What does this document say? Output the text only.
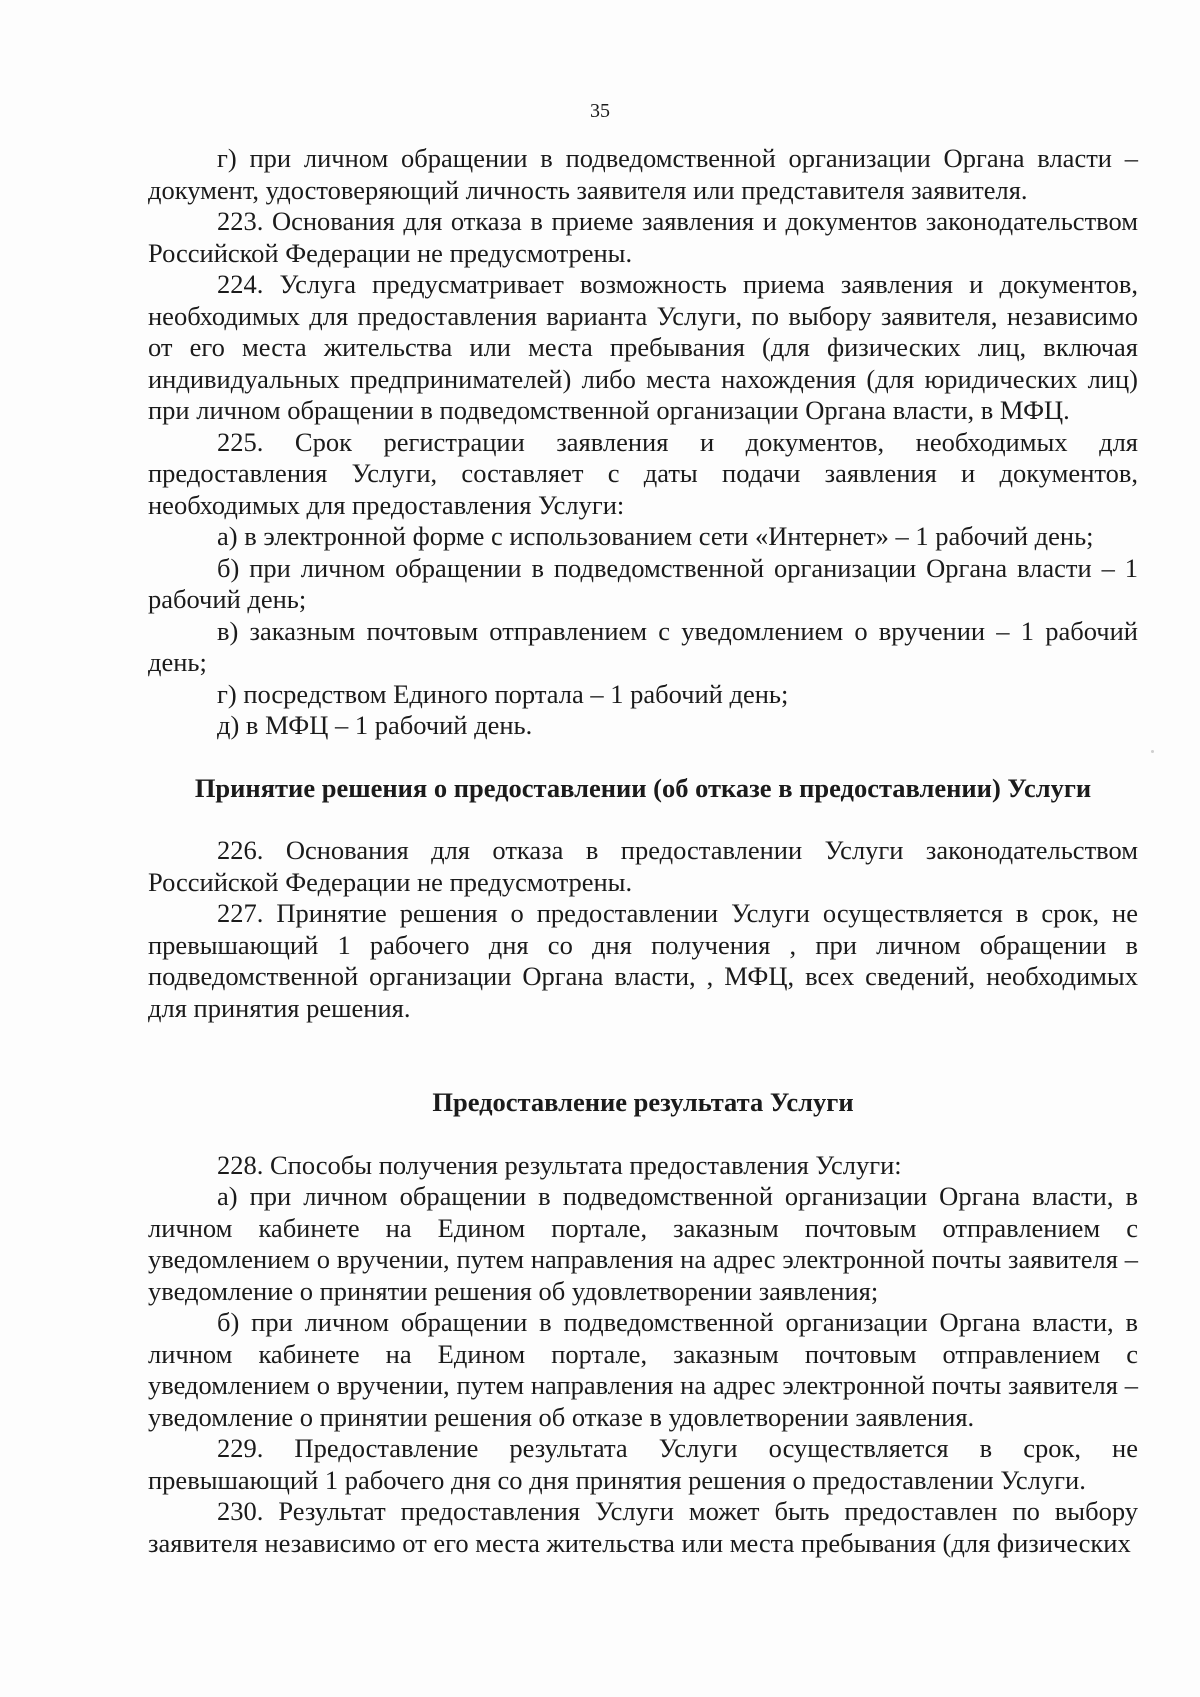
35

г) при личном обращении в подведомственной организации Органа власти – документ, удостоверяющий личность заявителя или представителя заявителя.

223. Основания для отказа в приеме заявления и документов законодательством Российской Федерации не предусмотрены.

224. Услуга предусматривает возможность приема заявления и документов, необходимых для предоставления варианта Услуги, по выбору заявителя, независимо от его места жительства или места пребывания (для физических лиц, включая индивидуальных предпринимателей) либо места нахождения (для юридических лиц) при личном обращении в подведомственной организации Органа власти, в МФЦ.

225. Срок регистрации заявления и документов, необходимых для предоставления Услуги, составляет с даты подачи заявления и документов, необходимых для предоставления Услуги:

а) в электронной форме с использованием сети «Интернет» – 1 рабочий день;

б) при личном обращении в подведомственной организации Органа власти – 1 рабочий день;

в) заказным почтовым отправлением с уведомлением о вручении – 1 рабочий день;

г) посредством Единого портала – 1 рабочий день;

д) в МФЦ – 1 рабочий день.

Принятие решения о предоставлении (об отказе в предоставлении) Услуги

226. Основания для отказа в предоставлении Услуги законодательством Российской Федерации не предусмотрены.

227. Принятие решения о предоставлении Услуги осуществляется в срок, не превышающий 1 рабочего дня со дня получения , при личном обращении в подведомственной организации Органа власти, , МФЦ, всех сведений, необходимых для принятия решения.

Предоставление результата Услуги

228. Способы получения результата предоставления Услуги:

а) при личном обращении в подведомственной организации Органа власти, в личном кабинете на Едином портале, заказным почтовым отправлением с уведомлением о вручении, путем направления на адрес электронной почты заявителя – уведомление о принятии решения об удовлетворении заявления;

б) при личном обращении в подведомственной организации Органа власти, в личном кабинете на Едином портале, заказным почтовым отправлением с уведомлением о вручении, путем направления на адрес электронной почты заявителя – уведомление о принятии решения об отказе в удовлетворении заявления.

229. Предоставление результата Услуги осуществляется в срок, не превышающий 1 рабочего дня со дня принятия решения о предоставлении Услуги.

230. Результат предоставления Услуги может быть предоставлен по выбору заявителя независимо от его места жительства или места пребывания (для физических
